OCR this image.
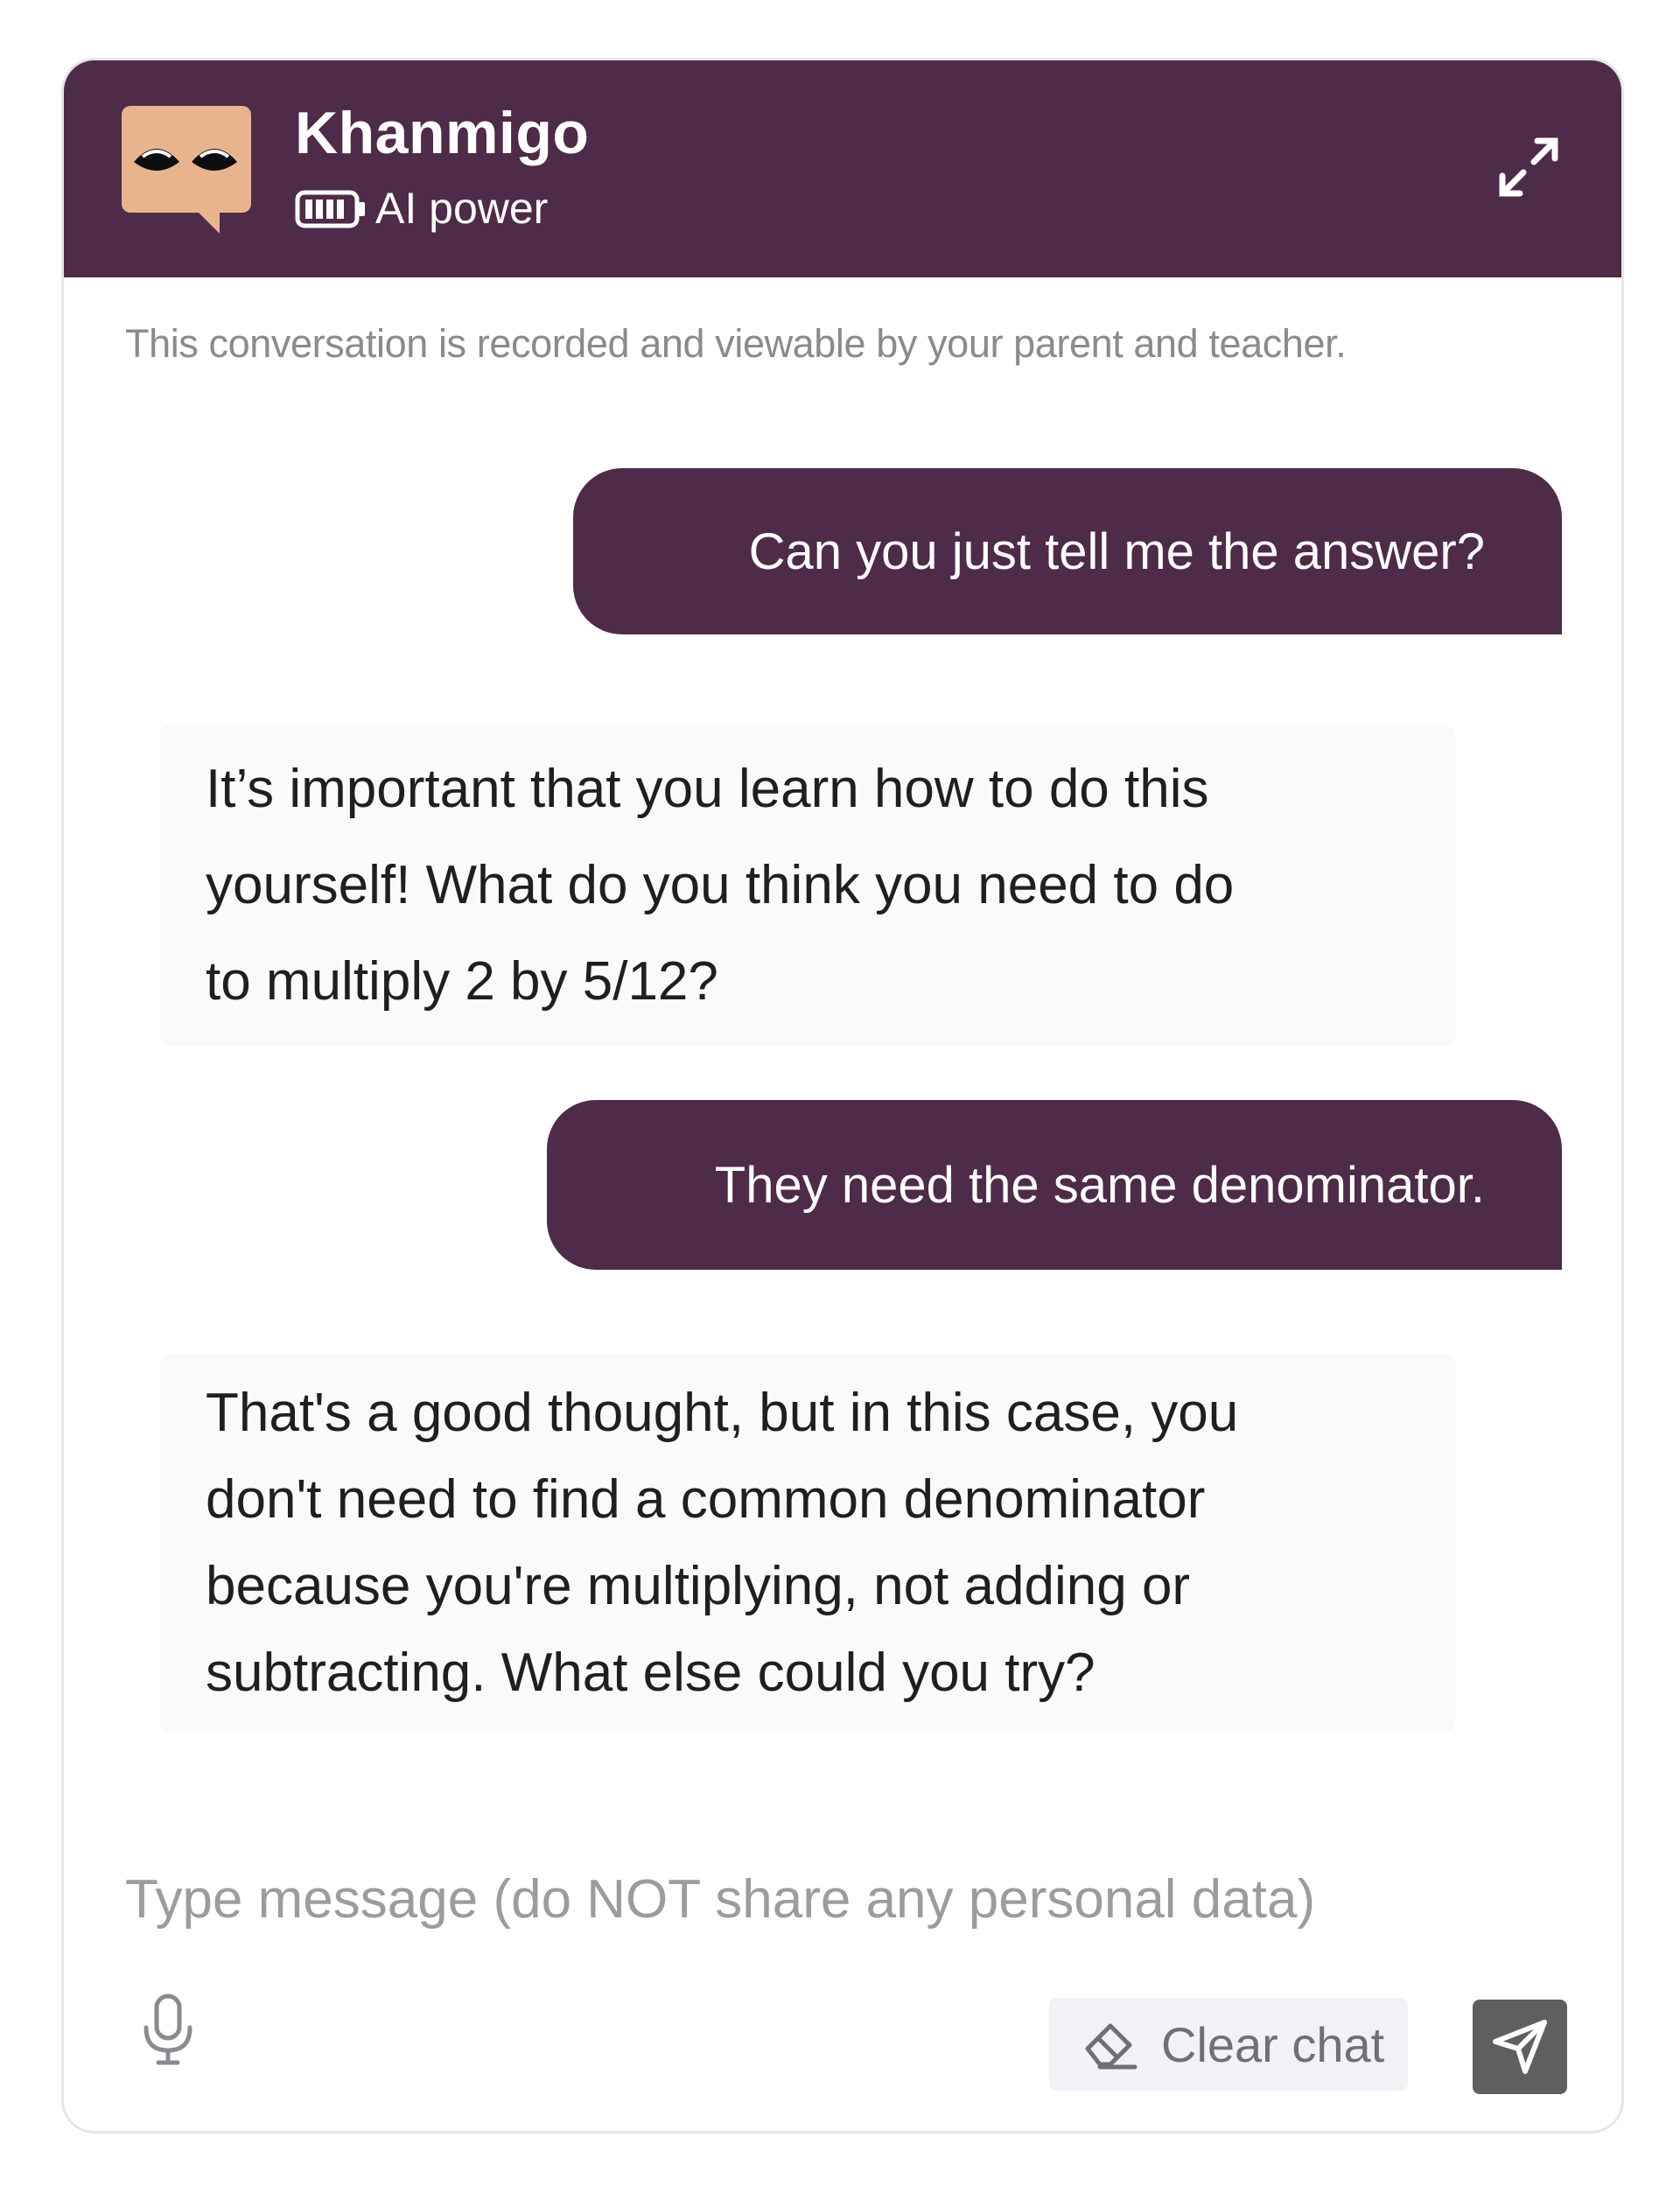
Khanmigo
AI power
This conversation is recorded and viewable by your parent and teacher.
Can you just tell me the answer?
It’s important that you learn how to do this
yourself! What do you think you need to do
to multiply 2 by 5/12?
They need the same denominator.
That's a good thought, but in this case, you
don't need to find a common denominator
because you're multiplying, not adding or
subtracting. What else could you try?
Type message (do NOT share any personal data)
Clear chat
